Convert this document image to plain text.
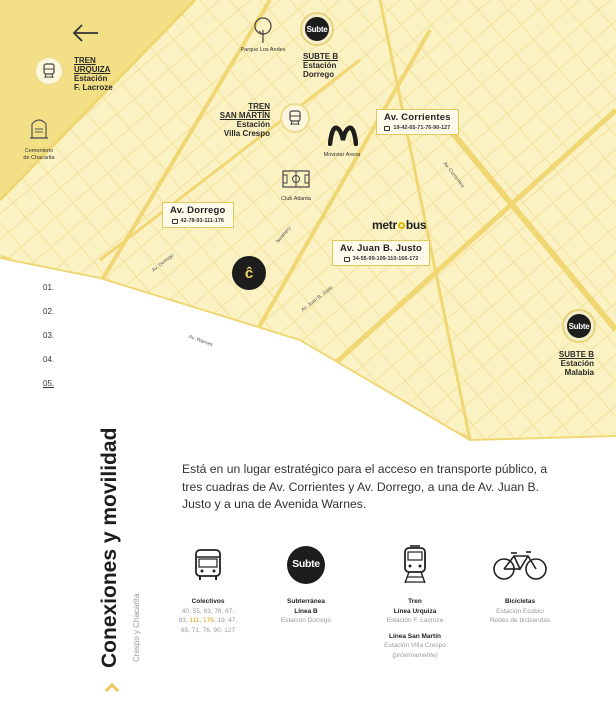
TREN
URQUIZA
Estación
F. Lacroze
Cementerio
de Chacarita
Parque Los Andes
Subte
SUBTE B
Estación
Dorrego
TREN
SAN MARTÍN
Estación
Villa Crespo
Movistar Arena
Club Atlanta
Av. Corrientes
19-42-65-71-76-90-127
Av. Dorrego
42-78-93-111-176
Av. Juan B. Justo
34-55-99-109-110-166-172
metr bus
Av. Dorrego
Newbery
Av. Juan B. Justo
Av. Corrientes
Av. Warnes
ĉ
Subte
SUBTE B
Estación
Malabia
01.
02.
03.
04.
05.
Conexiones y movilidad Crespo y Chacarita

Está en un lugar estratégico para el acceso en transporte público, a tres cuadras de Av. Corrientes y Av. Dorrego, a una de Av. Juan B. Justo y a una de Avenida Warnes.

Colectivos
40, 55, 63, 78, 87,
93, 111, 176, 19, 47,
65, 71, 76, 90, 127
Subte
Subterránea
Línea B
Estación Dorrego
Tren
Línea Urquiza
Estación F. Lacroze
Línea San Martín
Estación Villa Crespo
(próximamente)
Bicicletas
Estación Ecobici
Redes de bicisendas
